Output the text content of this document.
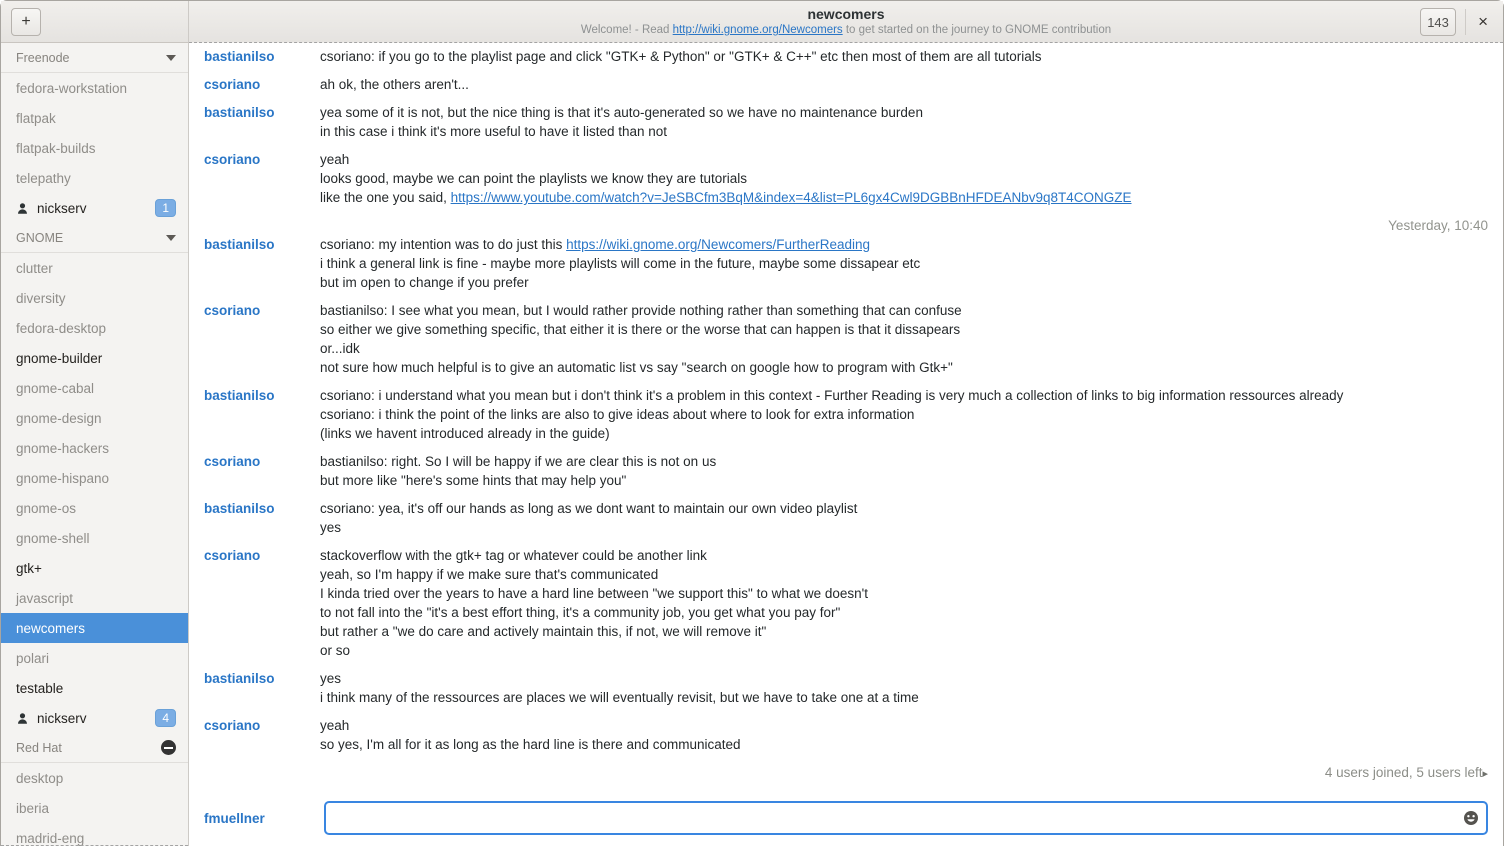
+	newcomers
Welcome! - Read http://wiki.gnome.org/Newcomers to get started on the journey to GNOME contribution
143	×
Freenode
fedora-workstation
flatpak
flatpak-builds
telepathy
nickserv	1
GNOME
clutter
diversity
fedora-desktop
gnome-builder
gnome-cabal
gnome-design
gnome-hackers
gnome-hispano
gnome-os
gnome-shell
gtk+
javascript
newcomers
polari
testable
nickserv	4
Red Hat
desktop
iberia
madrid-eng
bastianilso	csoriano: if you go to the playlist page and click "GTK+ & Python" or "GTK+ & C++" etc then most of them are all tutorials
csoriano	ah ok, the others aren't...
bastianilso	yea some of it is not, but the nice thing is that it's auto-generated so we have no maintenance burden
in this case i think it's more useful to have it listed than not
csoriano	yeah
looks good, maybe we can point the playlists we know they are tutorials
like the one you said, https://www.youtube.com/watch?v=JeSBCfm3BqM&index=4&list=PL6gx4Cwl9DGBBnHFDEANbv9q8T4CONGZE
Yesterday, 10:40
bastianilso	csoriano: my intention was to do just this https://wiki.gnome.org/Newcomers/FurtherReading
i think a general link is fine - maybe more playlists will come in the future, maybe some dissapear etc
but im open to change if you prefer
csoriano	bastianilso: I see what you mean, but I would rather provide nothing rather than something that can confuse
so either we give something specific, that either it is there or the worse that can happen is that it dissapears
or...idk
not sure how much helpful is to give an automatic list vs say "search on google how to program with Gtk+"
bastianilso	csoriano: i understand what you mean but i don't think it's a problem in this context - Further Reading is very much a collection of links to big information ressources already
csoriano: i think the point of the links are also to give ideas about where to look for extra information
(links we havent introduced already in the guide)
csoriano	bastianilso: right. So I will be happy if we are clear this is not on us
but more like "here's some hints that may help you"
bastianilso	csoriano: yea, it's off our hands as long as we dont want to maintain our own video playlist
yes
csoriano	stackoverflow with the gtk+ tag or whatever could be another link
yeah, so I'm happy if we make sure that's communicated
I kinda tried over the years to have a hard line between "we support this" to what we doesn't
to not fall into the "it's a best effort thing, it's a community job, you get what you pay for"
but rather a "we do care and actively maintain this, if not, we will remove it"
or so
bastianilso	yes
i think many of the ressources are places we will eventually revisit, but we have to take one at a time
csoriano	yeah
so yes, I'm all for it as long as the hard line is there and communicated
4 users joined, 5 users left▸
fmuellner
